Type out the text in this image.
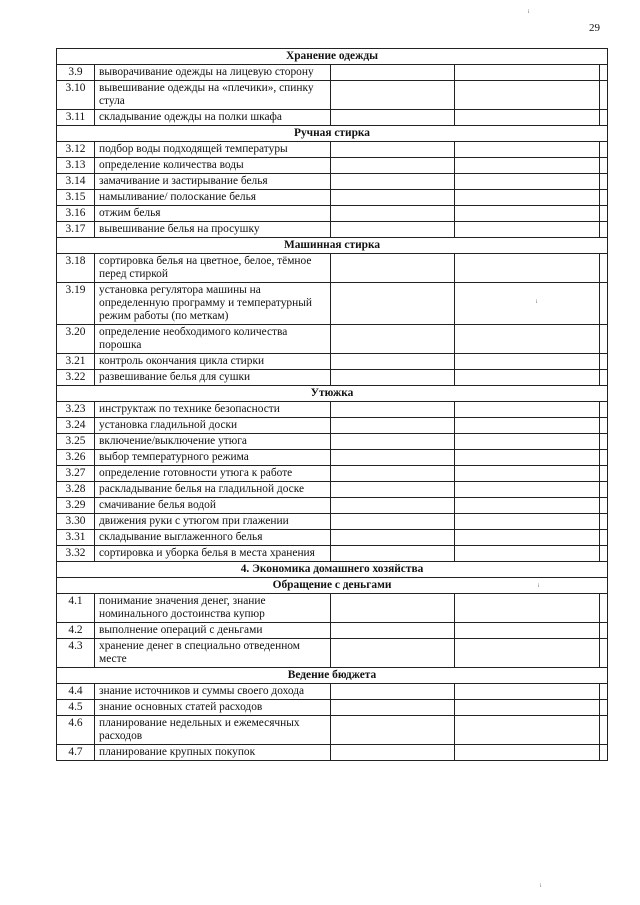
29
ᵢ
ᵢ
ᵢ
ᵢ
Хранение одежды				
3.9	выворачивание одежды на лицевую сторону			
3.10	вывешивание одежды на «плечики», спинку стула			
3.11	складывание одежды на полки шкафа			
Ручная стирка				
3.12	подбор воды подходящей температуры			
3.13	определение количества воды			
3.14	замачивание и застирывание белья			
3.15	намыливание/ полоскание белья			
3.16	отжим белья			
3.17	вывешивание белья на просушку			
Машинная стирка				
3.18	сортировка белья на цветное, белое, тёмное перед стиркой			
3.19	установка регулятора машины на определенную программу и температурный режим работы (по меткам)			
3.20	определение необходимого количества порошка			
3.21	контроль окончания цикла стирки			
3.22	развешивание белья для сушки			
Утюжка				
3.23	инструктаж по технике безопасности			
3.24	установка гладильной доски			
3.25	включение/выключение утюга			
3.26	выбор температурного режима			
3.27	определение готовности утюга к работе			
3.28	раскладывание белья на гладильной доске			
3.29	смачивание белья водой			
3.30	движения руки с утюгом при глажении			
3.31	складывание выглаженного белья			
3.32	сортировка и уборка белья в места хранения			
4. Экономика домашнего хозяйства				
Обращение с деньгами				
4.1	понимание значения денег, знание номинального достоинства купюр			
4.2	выполнение операций с деньгами			
4.3	хранение денег в специально отведенном месте			
Ведение бюджета				
4.4	знание источников и суммы своего дохода			
4.5	знание основных статей расходов			
4.6	планирование недельных и ежемесячных расходов			
4.7	планирование крупных покупок			
